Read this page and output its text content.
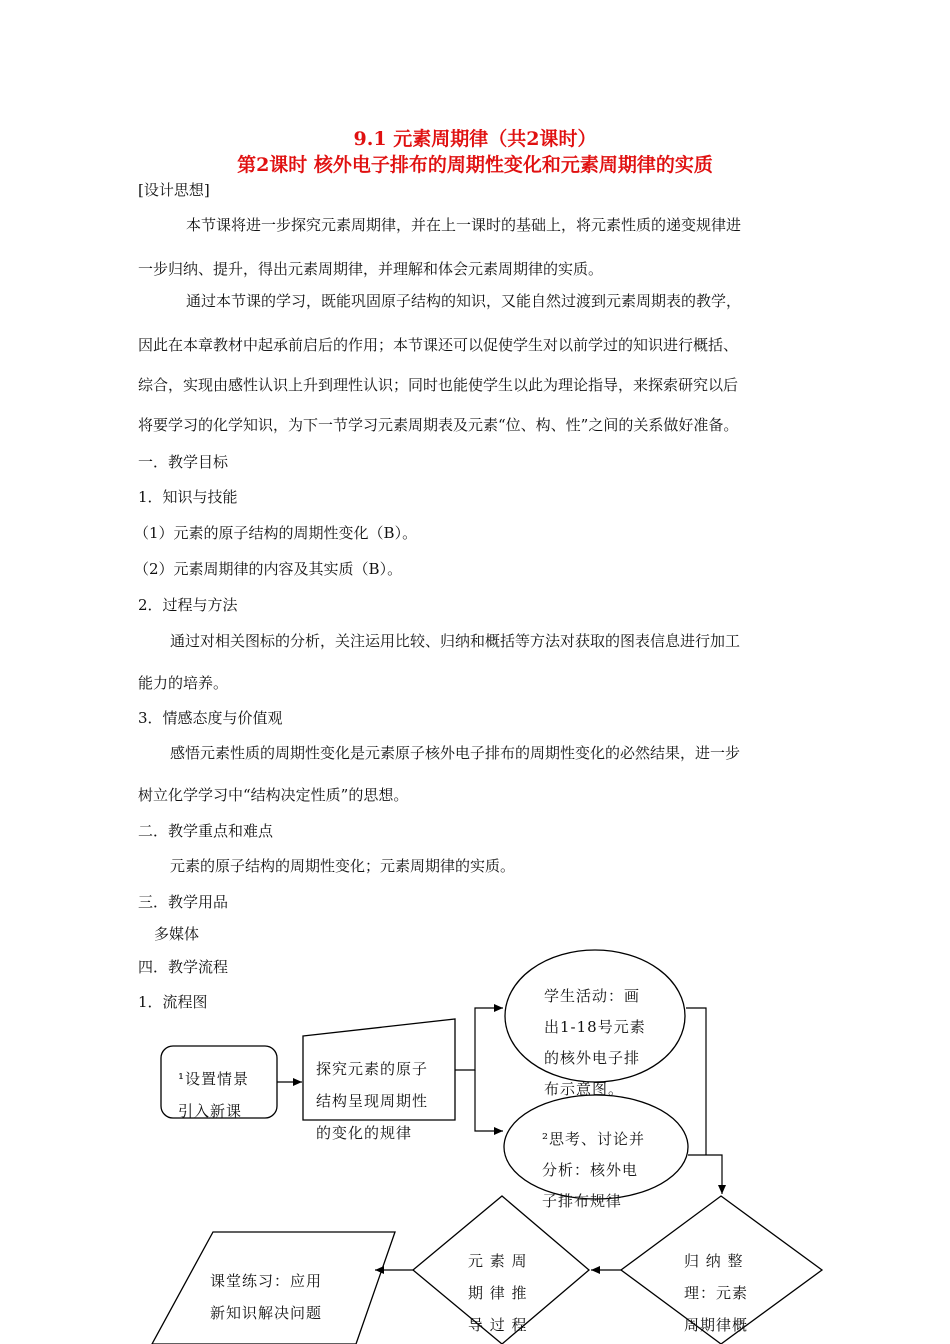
9.1 元素周期律（共2课时）
第2课时 核外电子排布的周期性变化和元素周期律的实质
[设计思想]
本节课将进一步探究元素周期律，并在上一课时的基础上，将元素性质的递变规律进
一步归纳、提升，得出元素周期律，并理解和体会元素周期律的实质。
通过本节课的学习，既能巩固原子结构的知识，又能自然过渡到元素周期表的教学，
因此在本章教材中起承前启后的作用；本节课还可以促使学生对以前学过的知识进行概括、
综合，实现由感性认识上升到理性认识；同时也能使学生以此为理论指导，来探索研究以后
将要学习的化学知识，为下一节学习元素周期表及元素“位、构、性”之间的关系做好准备。
一．教学目标
1．知识与技能
（1）元素的原子结构的周期性变化（B）。
（2）元素周期律的内容及其实质（B）。
2．过程与方法
通过对相关图标的分析，关注运用比较、归纳和概括等方法对获取的图表信息进行加工
能力的培养。
3．情感态度与价值观
感悟元素性质的周期性变化是元素原子核外电子排布的周期性变化的必然结果，进一步
树立化学学习中“结构决定性质”的思想。
二．教学重点和难点
元素的原子结构的周期性变化；元素周期律的实质。
三．教学用品
多媒体
四．教学流程
1．流程图
¹设置情景
引入新课
探究元素的原子
结构呈现周期性
的变化的规律
学生活动：画
出1-18号元素
的核外电子排
布示意图。
²思考、讨论并
分析：核外电
子排布规律
元 素 周
期 律 推
导 过 程
归 纳 整
理：元素
周期律概
课堂练习：应用
新知识解决问题
